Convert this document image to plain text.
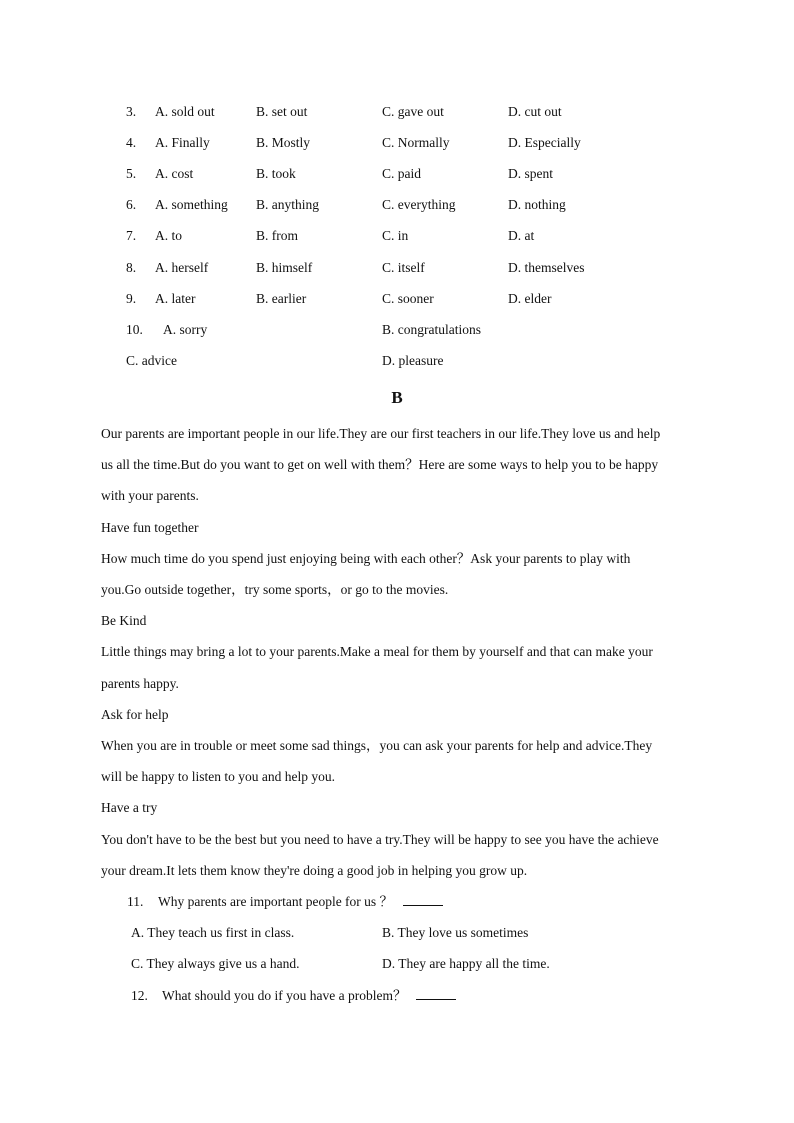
3. A. sold out	B. set out	C. gave out	D. cut out
4. A. Finally	B. Mostly	C. Normally	D. Especially
5. A. cost	B. took	C. paid	D. spent
6. A. something B. anything	C. everything	D. nothing
7. A. to	B. from	C. in	D. at
8. A. herself	B. himself	C. itself	D. themselves
9. A. later	B. earlier	C. sooner	D. elder
10. A. sorry	B. congratulations
C. advice	D. pleasure
B
Our parents are important people in our life.They are our first teachers in our life.They love us and help
us all the time.But do you want to get on well with them？Here are some ways to help you to be happy
with your parents.
Have fun together
How much time do you spend just enjoying being with each other？Ask your parents to play with
you.Go outside together，try some sports，or go to the movies.
Be Kind
Little things may bring a lot to your parents.Make a meal for them by yourself and that can make your
parents happy.
Ask for help
When you are in trouble or meet some sad things，you can ask your parents for help and advice.They
will be happy to listen to you and help you.
Have a try
You don't have to be the best but you need to have a try.They will be happy to see you have the achieve
your dream.It lets them know they're doing a good job in helping you grow up.
11. Why parents are important people for us ？
A. They teach us first in class.	B. They love us sometimes
C. They always give us a hand.	D. They are happy all the time.
12. What should you do if you have a problem？
